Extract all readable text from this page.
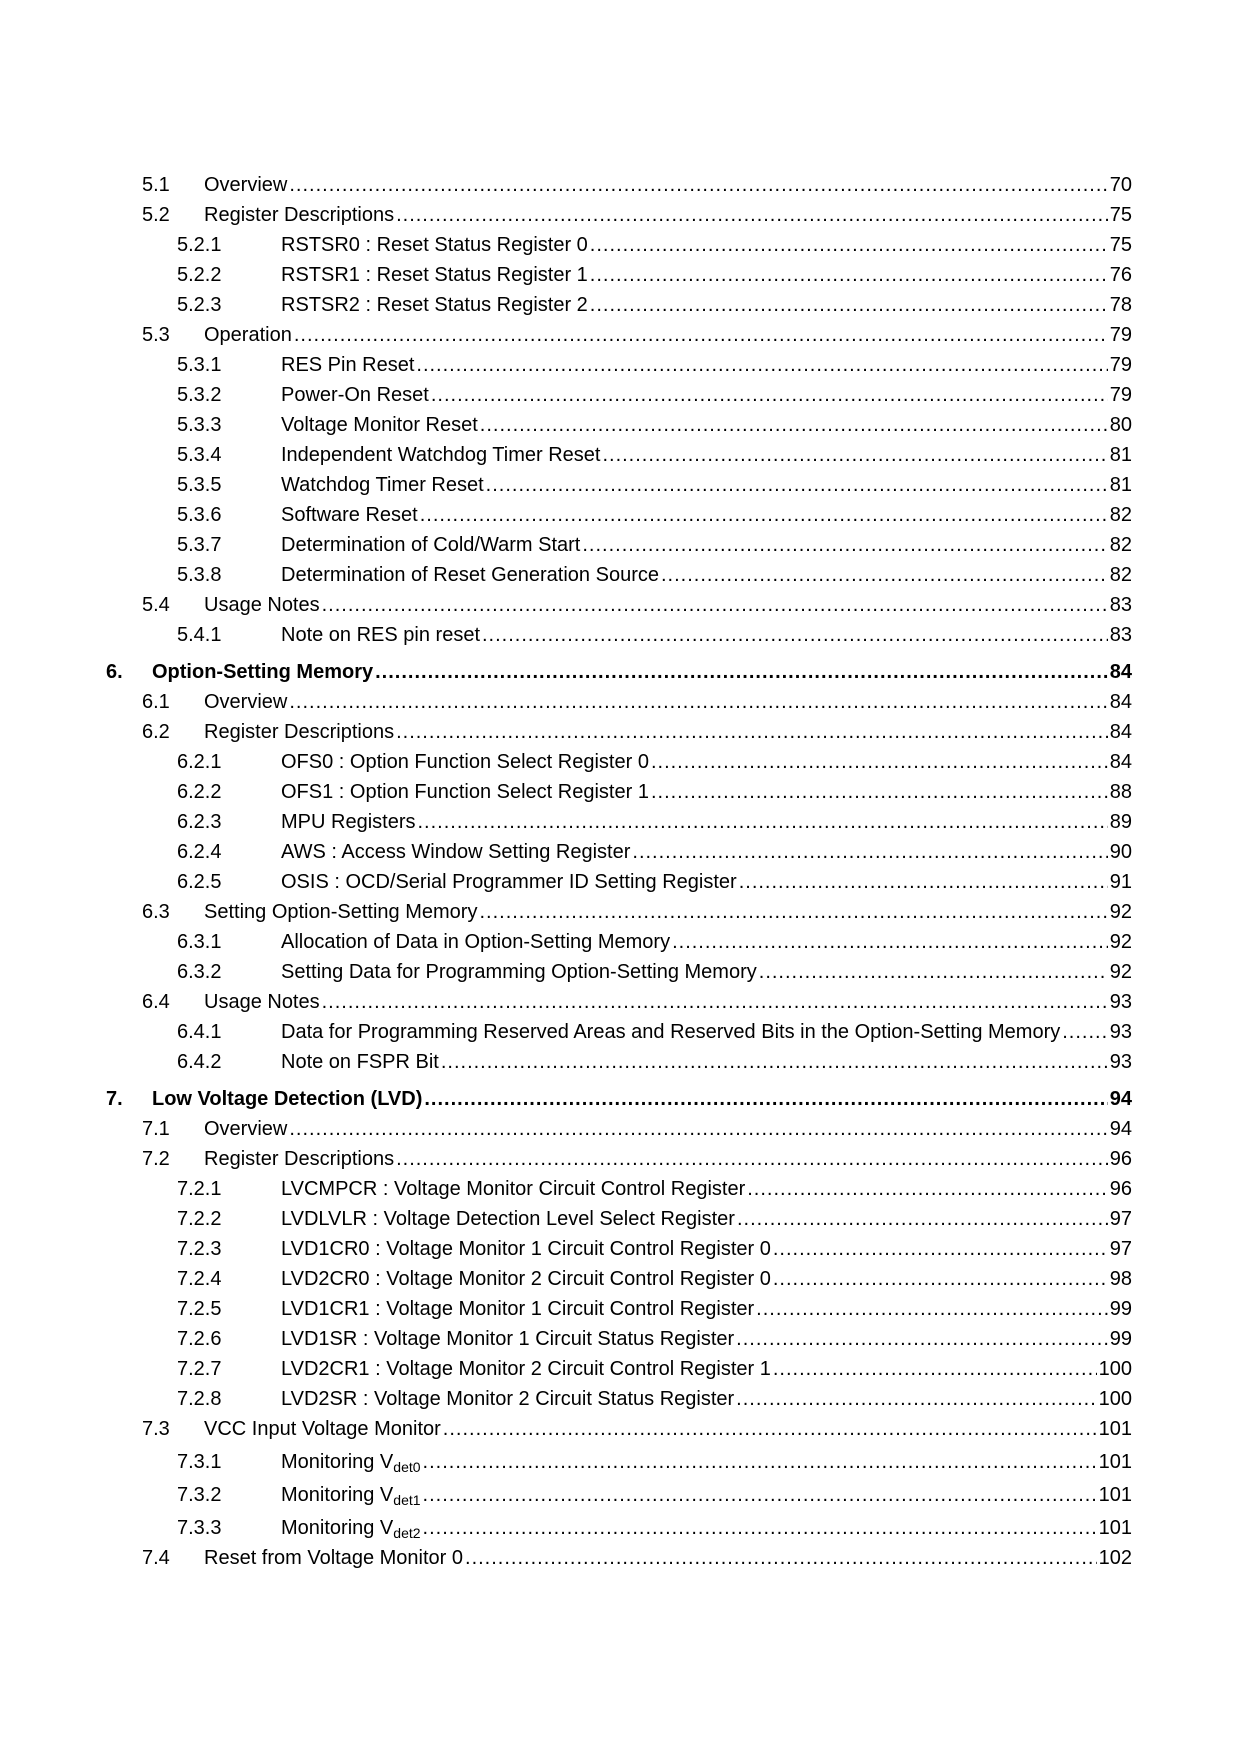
5.1 Overview .....	70
5.2 Register Descriptions .....	75
5.2.1	RSTSR0 : Reset Status Register 0 .....	75
5.2.2	RSTSR1 : Reset Status Register 1 .....	76
5.2.3	RSTSR2 : Reset Status Register 2 .....	78
5.3 Operation .....	79
5.3.1	RES Pin Reset .....	79
5.3.2	Power-On Reset .....	79
5.3.3	Voltage Monitor Reset .....	80
5.3.4	Independent Watchdog Timer Reset .....	81
5.3.5	Watchdog Timer Reset .....	81
5.3.6	Software Reset .....	82
5.3.7	Determination of Cold/Warm Start .....	82
5.3.8	Determination of Reset Generation Source .....	82
5.4 Usage Notes .....	83
5.4.1	Note on RES pin reset .....	83
6. Option-Setting Memory .....	84
6.1 Overview .....	84
6.2 Register Descriptions .....	84
6.2.1	OFS0 : Option Function Select Register 0 .....	84
6.2.2	OFS1 : Option Function Select Register 1 .....	88
6.2.3	MPU Registers .....	89
6.2.4	AWS : Access Window Setting Register .....	90
6.2.5	OSIS : OCD/Serial Programmer ID Setting Register .....	91
6.3 Setting Option-Setting Memory .....	92
6.3.1	Allocation of Data in Option-Setting Memory .....	92
6.3.2	Setting Data for Programming Option-Setting Memory .....	92
6.4 Usage Notes .....	93
6.4.1	Data for Programming Reserved Areas and Reserved Bits in the Option-Setting Memory ..... 93
6.4.2	Note on FSPR Bit .....	93
7. Low Voltage Detection (LVD) .....	94
7.1 Overview .....	94
7.2 Register Descriptions .....	96
7.2.1	LVCMPCR : Voltage Monitor Circuit Control Register .....	96
7.2.2	LVDLVLR : Voltage Detection Level Select Register .....	97
7.2.3	LVD1CR0 : Voltage Monitor 1 Circuit Control Register 0 .....	97
7.2.4	LVD2CR0 : Voltage Monitor 2 Circuit Control Register 0 .....	98
7.2.5	LVD1CR1 : Voltage Monitor 1 Circuit Control Register .....	99
7.2.6	LVD1SR : Voltage Monitor 1 Circuit Status Register .....	99
7.2.7	LVD2CR1 : Voltage Monitor 2 Circuit Control Register 1 .....	100
7.2.8	LVD2SR : Voltage Monitor 2 Circuit Status Register .....	100
7.3 VCC Input Voltage Monitor .....	101
7.3.1	Monitoring $V_{det0}$ .....	101
7.3.2	Monitoring $V_{det1}$ .....	101
7.3.3	Monitoring $V_{det2}$ .....	101
7.4 Reset from Voltage Monitor 0 .....	102
